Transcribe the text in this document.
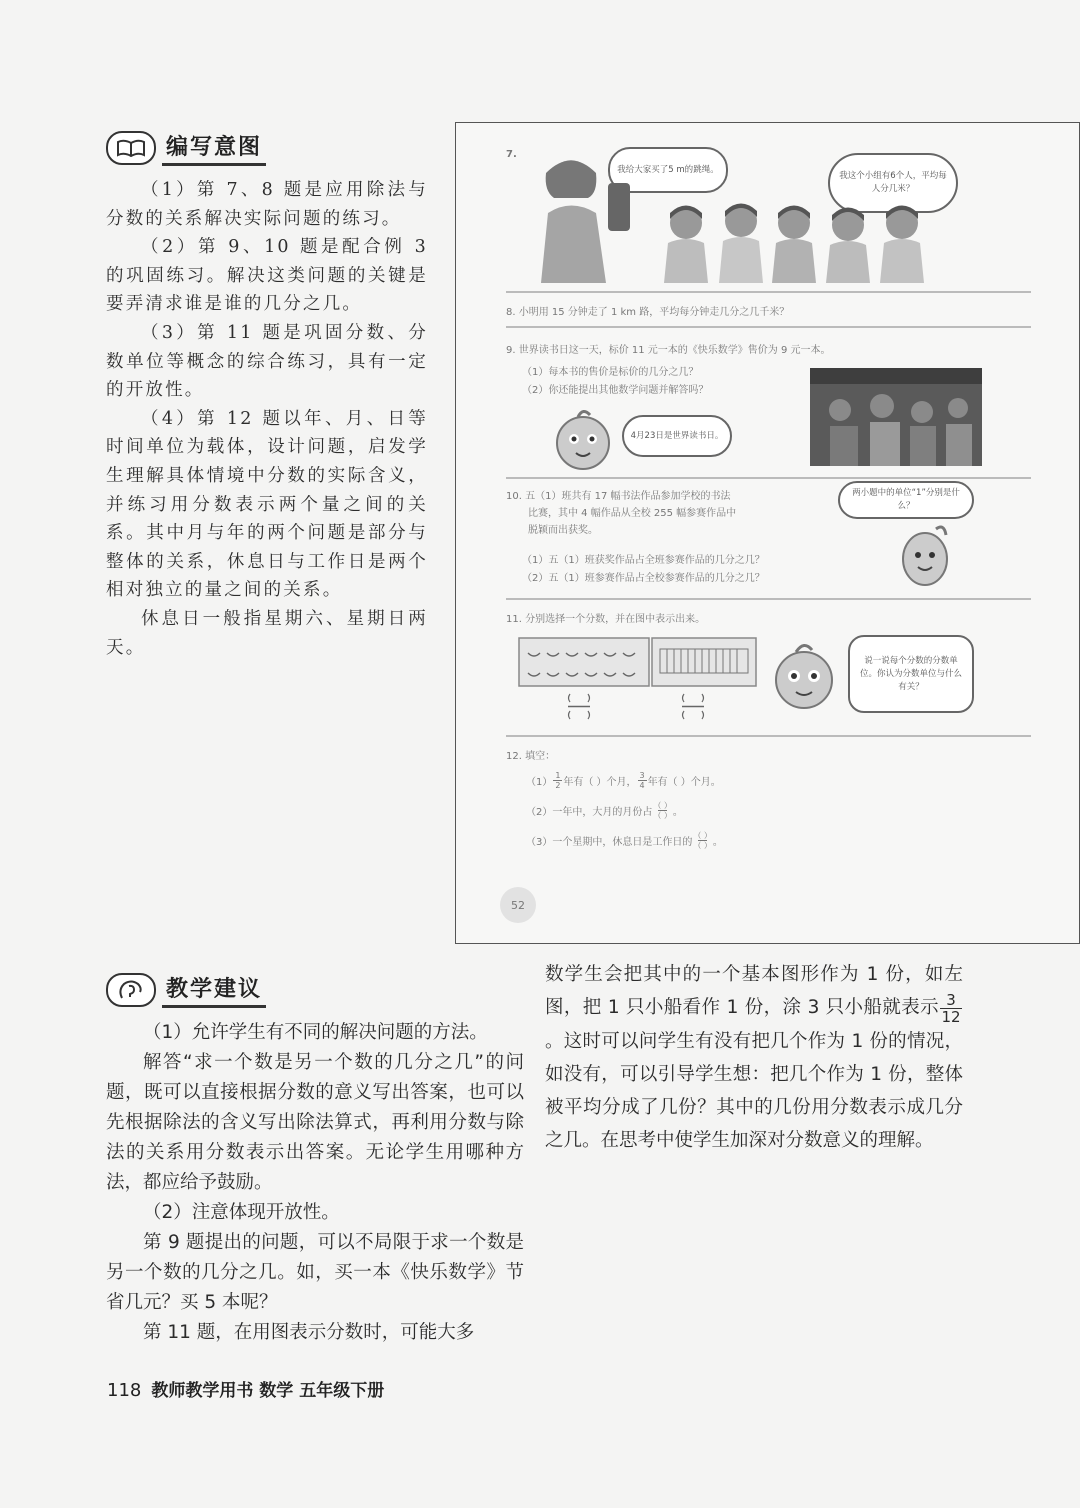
编写意图

（1）第 7、8 题是应用除法与分数的关系解决实际问题的练习。

（2）第 9、10 题是配合例 3 的巩固练习。解决这类问题的关键是要弄清求谁是谁的几分之几。

（3）第 11 题是巩固分数、分数单位等概念的综合练习，具有一定的开放性。

（4）第 12 题以年、月、日等时间单位为载体，设计问题，启发学生理解具体情境中分数的实际含义，并练习用分数表示两个量之间的关系。其中月与年的两个问题是部分与整体的关系，休息日与工作日是两个相对独立的量之间的关系。

休息日一般指星期六、星期日两天。

7.
我给大家买了5 m的跳绳。
我这个小组有6个人，平均每人分几米？
8. 小明用 15 分钟走了 1 km 路，平均每分钟走几分之几千米？
9. 世界读书日这一天，标价 11 元一本的《快乐数学》售价为 9 元一本。
（1）每本书的售价是标价的几分之几？
（2）你还能提出其他数学问题并解答吗？
4月23日是世界读书日。
10. 五（1）班共有 17 幅书法作品参加学校的书法
比赛，其中 4 幅作品从全校 255 幅参赛作品中
脱颖而出获奖。
（1）五（1）班获奖作品占全班参赛作品的几分之几？
（2）五（1）班参赛作品占全校参赛作品的几分之几？
两小题中的单位“1”分别是什么？
11. 分别选择一个分数，并在图中表示出来。
说一说每个分数的分数单位。你认为分数单位与什么有关？
12. 填空：
$(1) \frac{1}{2}$ 年有（ ）个月， $\frac{3}{4}$ 年有（ ）个月。
（2）一年中，大月的月份占 $\frac{( )}{( )}$ 。
（3）一个星期中，休息日是工作日的 $\frac{( )}{( )}$ 。
52
教学建议

（1）允许学生有不同的解决问题的方法。

解答“求一个数是另一个数的几分之几”的问题，既可以直接根据分数的意义写出答案，也可以先根据除法的含义写出除法算式，再利用分数与除法的关系用分数表示出答案。无论学生用哪种方法，都应给予鼓励。

（2）注意体现开放性。

第 9 题提出的问题，可以不局限于求一个数是另一个数的几分之几。如，买一本《快乐数学》节省几元？买 5 本呢？

第 11 题，在用图表示分数时，可能大多

数学生会把其中的一个基本图形作为 1 份，如左图，把 1 只小船看作 1 份，涂 3 只小船就表示 $\frac{3}{12}$
。这时可以问学生有没有把几个作为 1 份的情况，如没有，可以引导学生想：把几个作为 1 份，整体被平均分成了几份？其中的几份用分数表示成几分之几。在思考中使学生加深对分数意义的理解。

118 教师教学用书 数学 五年级下册
